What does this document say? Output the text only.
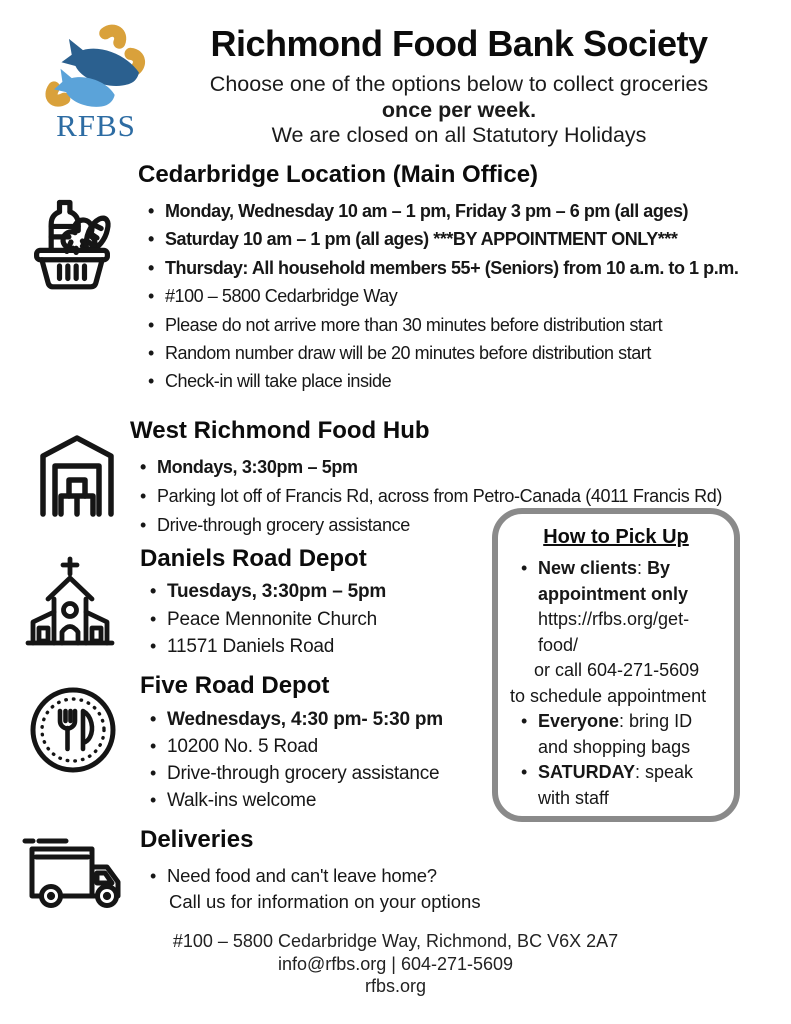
RFBS
Richmond Food Bank Society
Choose one of the options below to collect groceries
once per week.
We are closed on all Statutory Holidays
Cedarbridge Location (Main Office)
• Monday, Wednesday 10 am – 1 pm, Friday 3 pm – 6 pm (all ages)
• Saturday 10 am – 1 pm (all ages) ***BY APPOINTMENT ONLY***
• Thursday: All household members 55+ (Seniors) from 10 a.m. to 1 p.m.
• #100 – 5800 Cedarbridge Way
• Please do not arrive more than 30 minutes before distribution start
• Random number draw will be 20 minutes before distribution start
• Check-in will take place inside
West Richmond Food Hub
• Mondays, 3:30pm – 5pm
• Parking lot off of Francis Rd, across from Petro-Canada (4011 Francis Rd)
• Drive-through grocery assistance
Daniels Road Depot
• Tuesdays, 3:30pm – 5pm
• Peace Mennonite Church
• 11571 Daniels Road
Five Road Depot
• Wednesdays, 4:30 pm- 5:30 pm
• 10200 No. 5 Road
• Drive-through grocery assistance
• Walk-ins welcome
How to Pick Up
• New clients: By appointment only
https://rfbs.org/get-food/
or call 604-271-5609
to schedule appointment
• Everyone: bring ID and shopping bags
• SATURDAY: speak with staff
Deliveries
• Need food and can't leave home?
Call us for information on your options
#100 – 5800 Cedarbridge Way, Richmond, BC V6X 2A7
info@rfbs.org | 604-271-5609
rfbs.org
